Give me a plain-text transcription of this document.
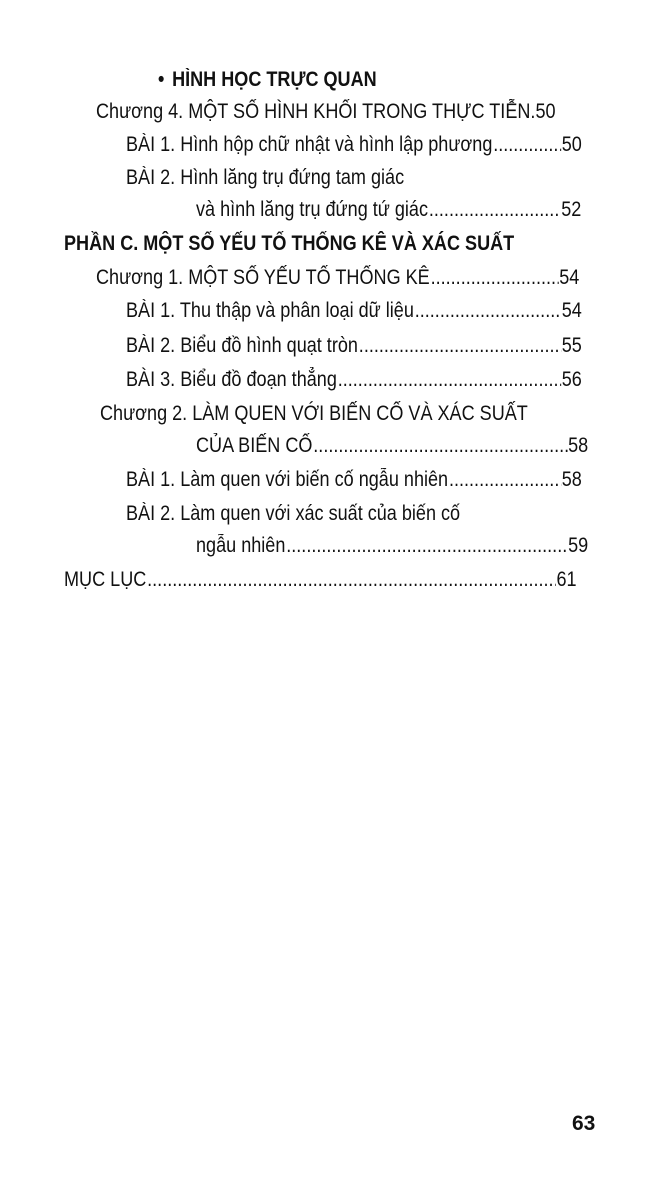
• HÌNH HỌC TRỰC QUAN
Chương 4. MỘT SỐ HÌNH KHỐI TRONG THỰC TIỄN .50
BÀI 1. Hình hộp chữ nhật và hình lập phương .....	50
BÀI 2. Hình lăng trụ đứng tam giác
và hình lăng trụ đứng tứ giác .....	52
PHẦN C. MỘT SỐ YẾU TỐ THỐNG KÊ VÀ XÁC SUẤT
Chương 1. MỘT SỐ YẾU TỐ THỐNG KÊ .....	54
BÀI 1. Thu thập và phân loại dữ liệu .....	54
BÀI 2. Biểu đồ hình quạt tròn .....	55
BÀI 3. Biểu đồ đoạn thẳng .....	56
Chương 2. LÀM QUEN VỚI BIẾN CỐ VÀ XÁC SUẤT
CỦA BIẾN CỐ .....	58
BÀI 1. Làm quen với biến cố ngẫu nhiên .....	58
BÀI 2. Làm quen với xác suất của biến cố
ngẫu nhiên .....	59
MỤC LỤC .....	61
63
